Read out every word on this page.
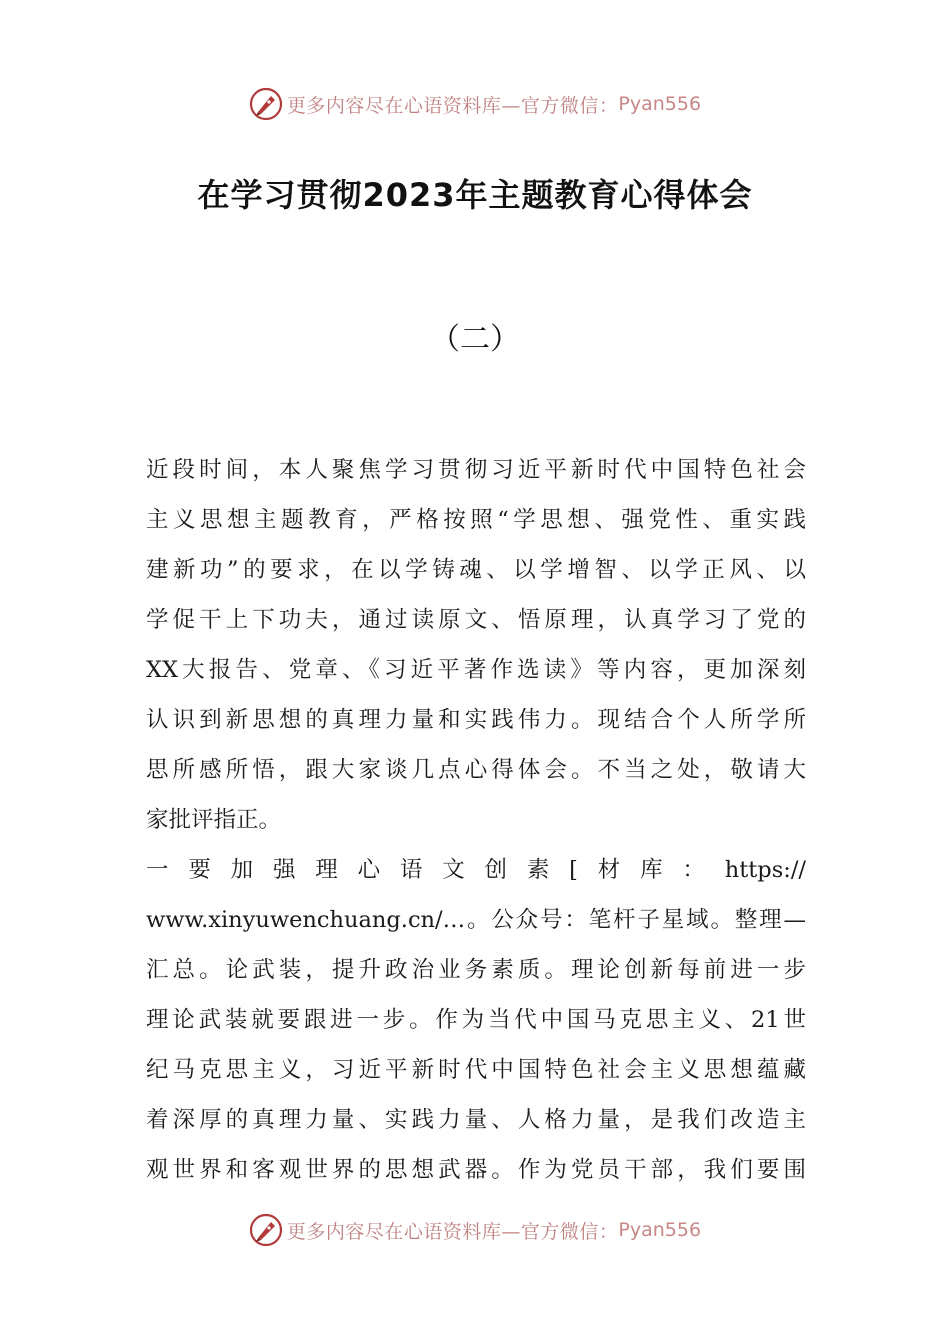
更多内容尽在心语资料库—官方微信： Pyan556
在学习贯彻2023年主题教育心得体会
（二）
近段时间，本人聚焦学习贯彻习近平新时代中国特色社会
主义思想主题教育，严格按照“学思想、强党性、重实践
建新功”的要求，在以学铸魂、以学增智、以学正风、以
学促干上下功夫，通过读原文、悟原理，认真学习了党的
XX大报告、党章、《习近平著作选读》等内容，更加深刻
认识到新思想的真理力量和实践伟力。现结合个人所学所
思所感所悟，跟大家谈几点心得体会。不当之处，敬请大
家批评指正。
一要加强理心语文创素[材库：https://
www.xinyuwenchuang.cn/…。公众号：笔杆子星域。整理—
汇总。论武装，提升政治业务素质。理论创新每前进一步
理论武装就要跟进一步。作为当代中国马克思主义、21世
纪马克思主义，习近平新时代中国特色社会主义思想蕴藏
着深厚的真理力量、实践力量、人格力量，是我们改造主
观世界和客观世界的思想武器。作为党员干部，我们要围
更多内容尽在心语资料库—官方微信： Pyan556
